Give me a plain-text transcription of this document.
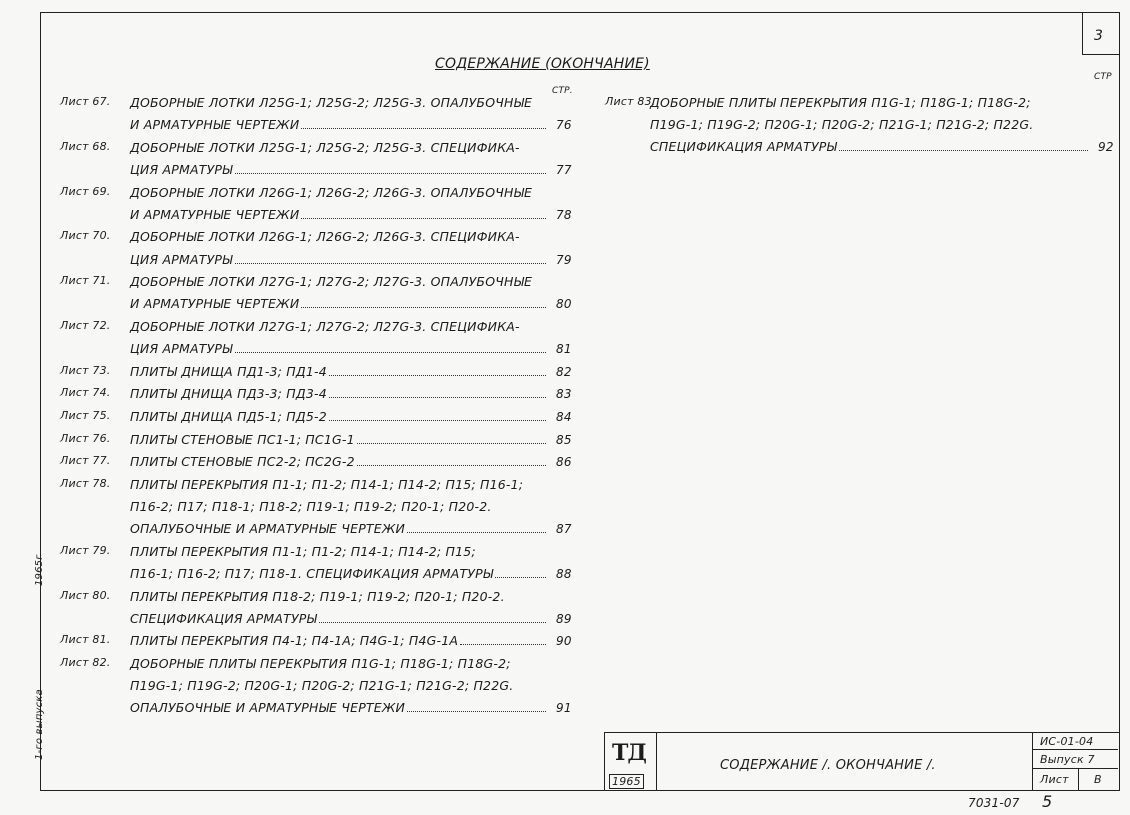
3
СОДЕРЖАНИЕ (ОКОНЧАНИЕ)
СТР.
СТР
Лист 67. ДОБОРНЫЕ ЛОТКИ Л25G-1; Л25G-2; Л25G-3. ОПАЛУБОЧНЫЕ
И АРМАТУРНЫЕ ЧЕРТЕЖИ	76
Лист 68. ДОБОРНЫЕ ЛОТКИ Л25G-1; Л25G-2; Л25G-3. СПЕЦИФИКA-
ЦИЯ АРМАТУРЫ	77
Лист 69. ДОБОРНЫЕ ЛОТКИ Л26G-1; Л26G-2; Л26G-3. ОПАЛУБОЧНЫЕ
И АРМАТУРНЫЕ ЧЕРТЕЖИ	78
Лист 70. ДОБОРНЫЕ ЛОТКИ Л26G-1; Л26G-2; Л26G-3. СПЕЦИФИКA-
ЦИЯ АРМАТУРЫ	79
Лист 71. ДОБОРНЫЕ ЛОТКИ Л27G-1; Л27G-2; Л27G-3. ОПАЛУБОЧНЫЕ
И АРМАТУРНЫЕ ЧЕРТЕЖИ	80
Лист 72. ДОБОРНЫЕ ЛОТКИ Л27G-1; Л27G-2; Л27G-3. СПЕЦИФИКA-
ЦИЯ АРМАТУРЫ	81
Лист 73. ПЛИТЫ ДНИЩА ПД1-3; ПД1-4	82
Лист 74. ПЛИТЫ ДНИЩА ПД3-3; ПД3-4	83
Лист 75. ПЛИТЫ ДНИЩА ПД5-1; ПД5-2	84
Лист 76. ПЛИТЫ СТЕНОВЫЕ ПС1-1; ПС1G-1	85
Лист 77. ПЛИТЫ СТЕНОВЫЕ ПС2-2; ПС2G-2	86
Лист 78. ПЛИТЫ ПЕРЕКРЫТИЯ П1-1; П1-2; П14-1; П14-2; П15; П16-1;
П16-2; П17; П18-1; П18-2; П19-1; П19-2; П20-1; П20-2.
ОПАЛУБОЧНЫЕ И АРМАТУРНЫЕ ЧЕРТЕЖИ	87
Лист 79. ПЛИТЫ ПЕРЕКРЫТИЯ П1-1; П1-2; П14-1; П14-2; П15;
П16-1; П16-2; П17; П18-1. СПЕЦИФИКАЦИЯ АРМАТУРЫ	88
Лист 80. ПЛИТЫ ПЕРЕКРЫТИЯ П18-2; П19-1; П19-2; П20-1; П20-2.
СПЕЦИФИКАЦИЯ АРМАТУРЫ	89
Лист 81. ПЛИТЫ ПЕРЕКРЫТИЯ П4-1; П4-1A; П4G-1; П4G-1A	90
Лист 82. ДОБОРНЫЕ ПЛИТЫ ПЕРЕКРЫТИЯ П1G-1; П18G-1; П18G-2;
П19G-1; П19G-2; П20G-1; П20G-2; П21G-1; П21G-2; П22G.
ОПАЛУБОЧНЫЕ И АРМАТУРНЫЕ ЧЕРТЕЖИ	91
Лист 83.
ДОБОРНЫЕ ПЛИТЫ ПЕРЕКРЫТИЯ П1G-1; П18G-1; П18G-2;
П19G-1; П19G-2; П20G-1; П20G-2; П21G-1; П21G-2; П22G.
СПЕЦИФИКАЦИЯ АРМАТУРЫ	92
1965г
1-го выпуска	ТД
1965
СОДЕРЖАНИЕ /. ОКОНЧАНИЕ /.
ИС-01-04
Выпуск 7
Лист В
7031-07 5
